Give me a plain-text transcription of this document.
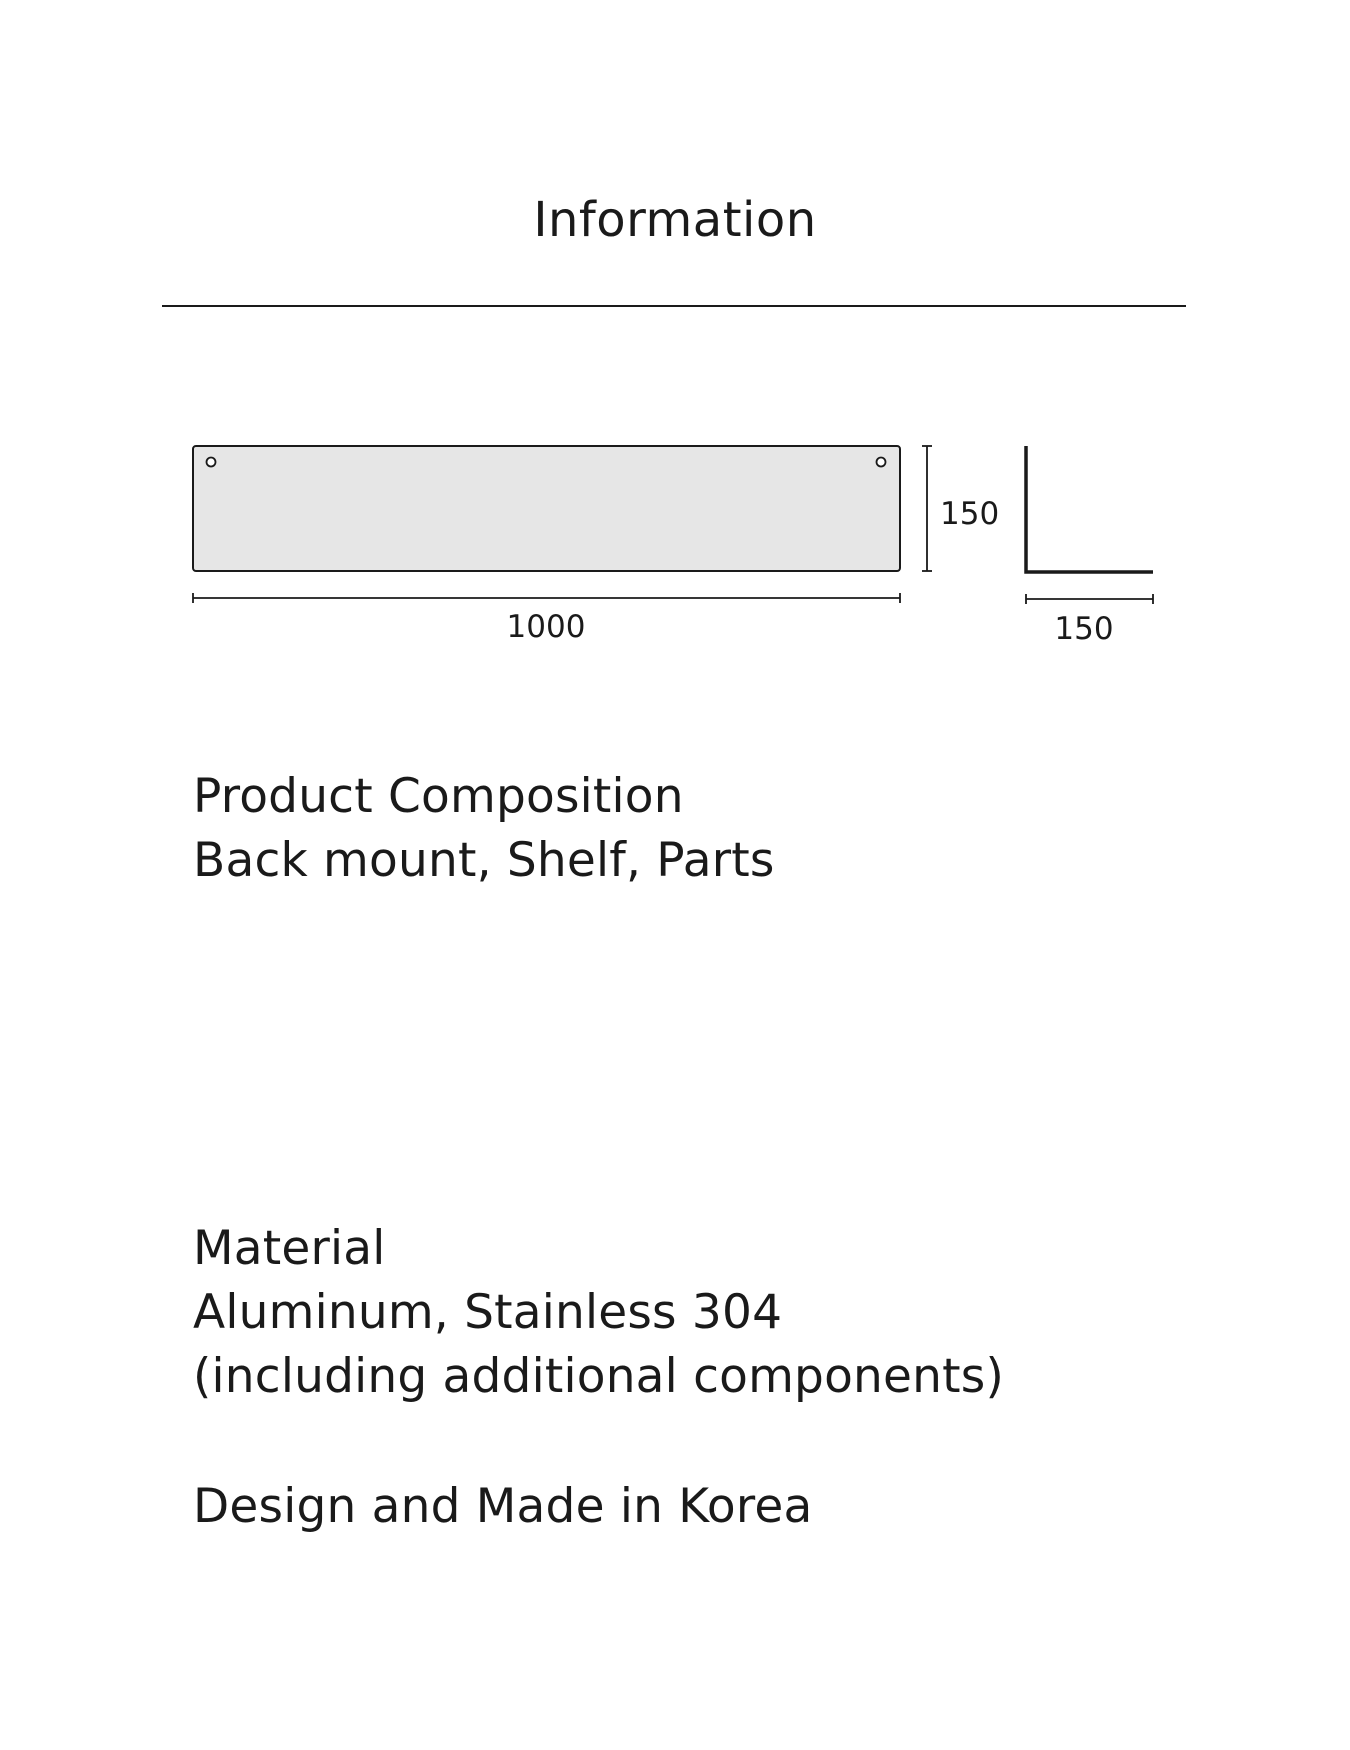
Information
1000
150
150
Product Composition
Back mount, Shelf, Parts
Material
Aluminum, Stainless 304
(including additional components)
Design and Made in Korea
